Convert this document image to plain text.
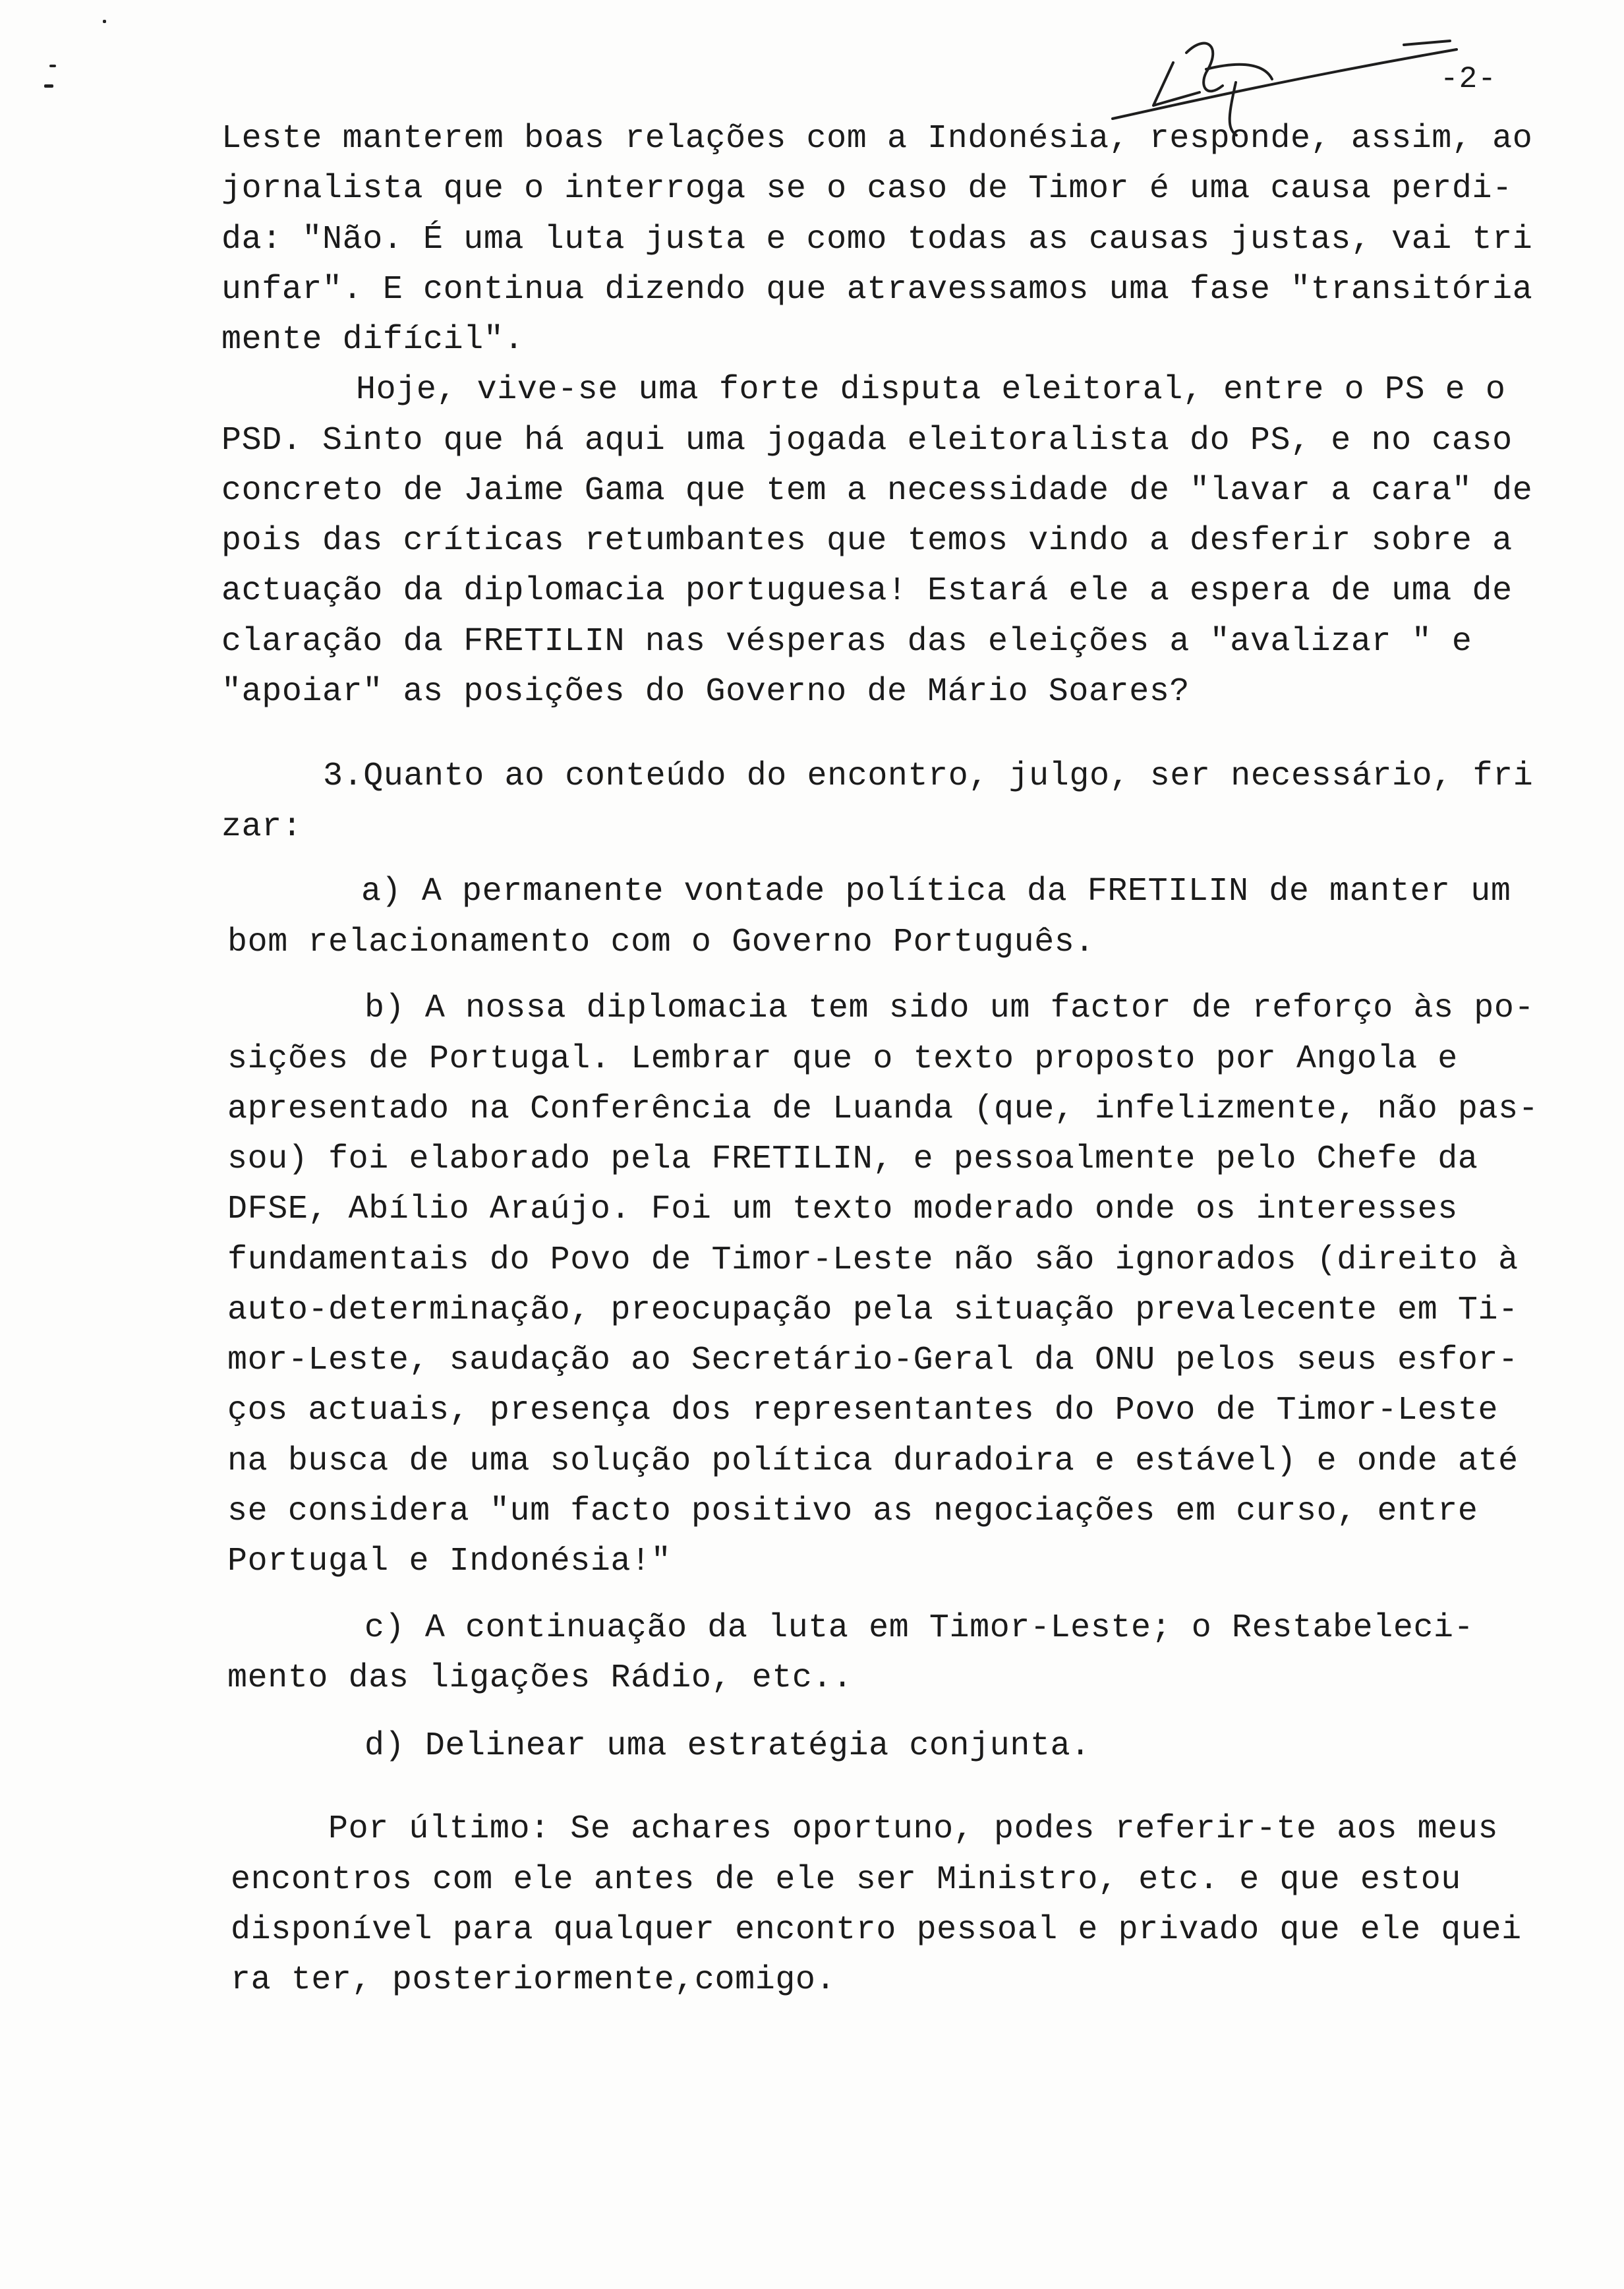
-2-
Leste manterem boas relações com a Indonésia, responde, assim, ao
jornalista que o interroga se o caso de Timor é uma causa perdi-
da: "Não. É uma luta justa e como todas as causas justas, vai tri
unfar". E continua dizendo que atravessamos uma fase "transitória
mente difícil".
Hoje, vive-se uma forte disputa eleitoral, entre o PS e o
PSD. Sinto que há aqui uma jogada eleitoralista do PS, e no caso
concreto de Jaime Gama que tem a necessidade de "lavar a cara" de
pois das críticas retumbantes que temos vindo a desferir sobre a
actuação da diplomacia portuguesa! Estará ele a espera de uma de
claração da FRETILIN nas vésperas das eleições a "avalizar " e
"apoiar" as posições do Governo de Mário Soares?
3.Quanto ao conteúdo do encontro, julgo, ser necessário, fri
zar:
a) A permanente vontade política da FRETILIN de manter um
bom relacionamento com o Governo Português.
b) A nossa diplomacia tem sido um factor de reforço às po-
sições de Portugal. Lembrar que o texto proposto por Angola e
apresentado na Conferência de Luanda (que, infelizmente, não pas-
sou) foi elaborado pela FRETILIN, e pessoalmente pelo Chefe da
DFSE, Abílio Araújo. Foi um texto moderado onde os interesses
fundamentais do Povo de Timor-Leste não são ignorados (direito à
auto-determinação, preocupação pela situação prevalecente em Ti-
mor-Leste, saudação ao Secretário-Geral da ONU pelos seus esfor-
ços actuais, presença dos representantes do Povo de Timor-Leste
na busca de uma solução política duradoira e estável) e onde até
se considera "um facto positivo as negociações em curso, entre
Portugal e Indonésia!"
c) A continuação da luta em Timor-Leste; o Restabeleci-
mento das ligações Rádio, etc..
d) Delinear uma estratégia conjunta.
Por último: Se achares oportuno, podes referir-te aos meus
encontros com ele antes de ele ser Ministro, etc. e que estou
disponível para qualquer encontro pessoal e privado que ele quei
ra ter, posteriormente,comigo.
